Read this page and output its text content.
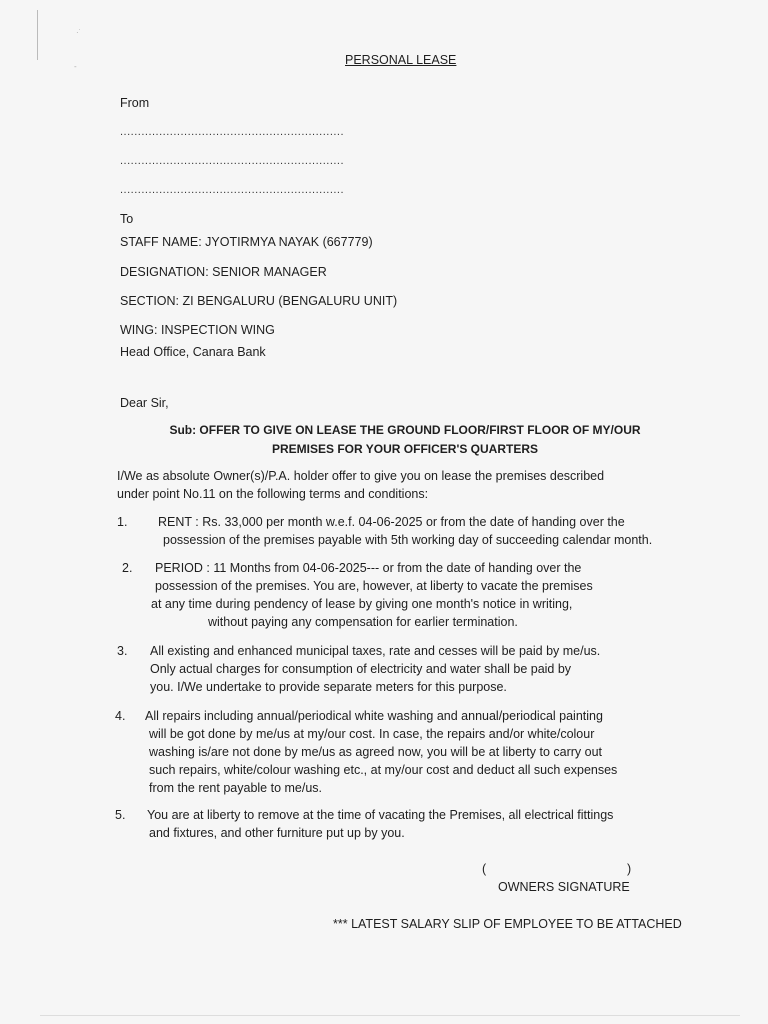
·˙
-	PERSONAL LEASE
From
...............................................................
...............................................................
...............................................................
To
STAFF NAME: JYOTIRMYA NAYAK (667779)
DESIGNATION: SENIOR MANAGER
SECTION: ZI BENGALURU (BENGALURU UNIT)
WING: INSPECTION WING
Head Office, Canara Bank
Dear Sir,
Sub: OFFER TO GIVE ON LEASE THE GROUND FLOOR/FIRST FLOOR OF MY/OUR
PREMISES FOR YOUR OFFICER'S QUARTERS
I/We as absolute Owner(s)/P.A. holder offer to give you on lease the premises described
under point No.11 on the following terms and conditions:
1. RENT : Rs. 33,000 per month w.e.f. 04-06-2025 or from the date of handing over the
possession of the premises payable with 5th working day of succeeding calendar month.
2. PERIOD : 11 Months from 04-06-2025--- or from the date of handing over the
possession of the premises. You are, however, at liberty to vacate the premises
at any time during pendency of lease by giving one month's notice in writing,
without paying any compensation for earlier termination.
3. All existing and enhanced municipal taxes, rate and cesses will be paid by me/us.
Only actual charges for consumption of electricity and water shall be paid by
you. I/We undertake to provide separate meters for this purpose.
4. All repairs including annual/periodical white washing and annual/periodical painting
will be got done by me/us at my/our cost. In case, the repairs and/or white/colour
washing is/are not done by me/us as agreed now, you will be at liberty to carry out
such repairs, white/colour washing etc., at my/our cost and deduct all such expenses
from the rent payable to me/us.
5. You are at liberty to remove at the time of vacating the Premises, all electrical fittings
and fixtures, and other furniture put up by you.
(	)
OWNERS SIGNATURE
*** LATEST SALARY SLIP OF EMPLOYEE TO BE ATTACHED
